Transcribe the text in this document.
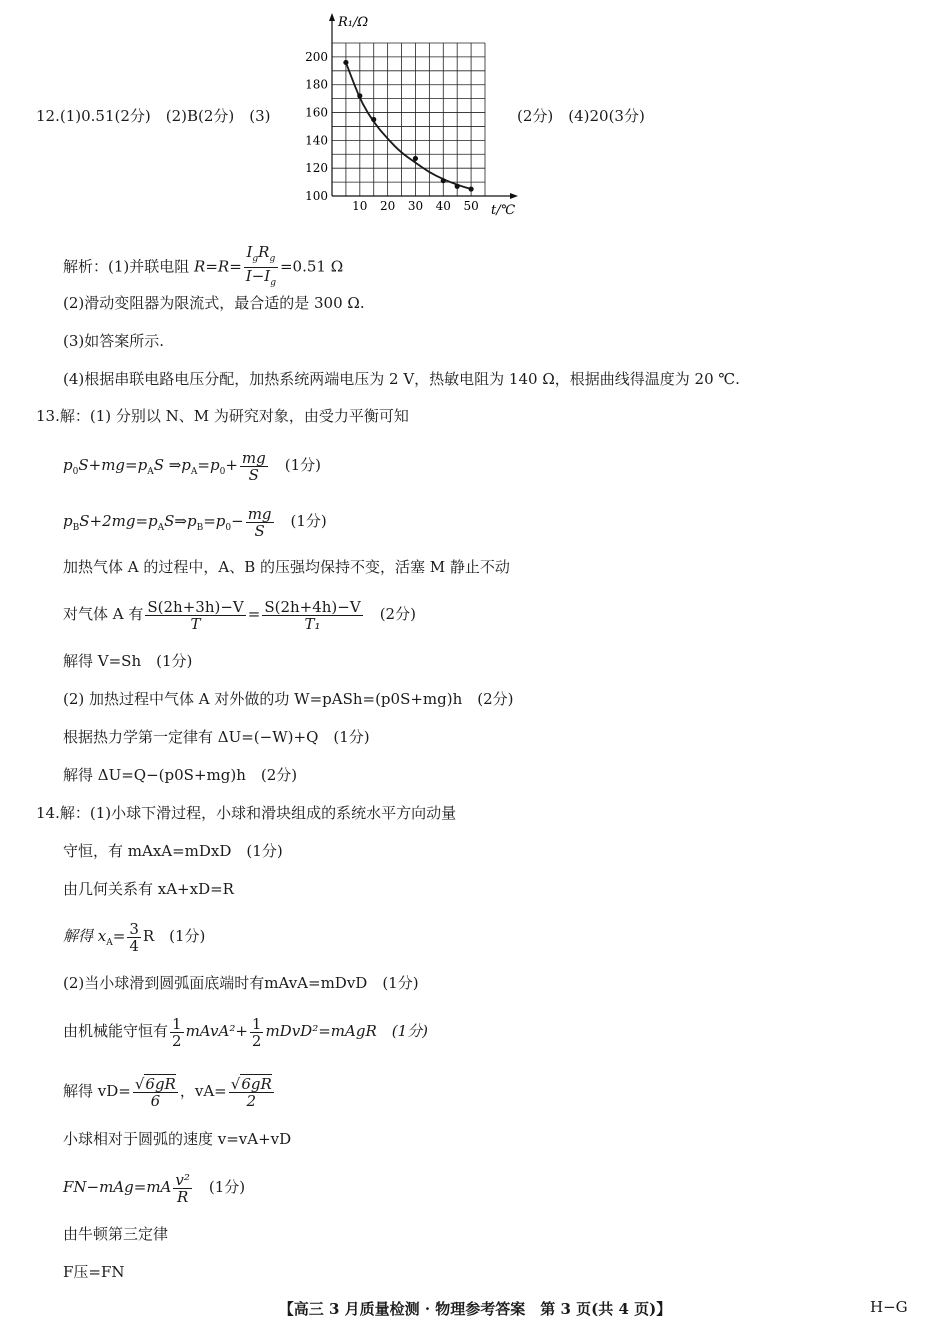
12.(1)0.51(2分)　(2)B(2分)　(3)	(2分)　(4)20(3分)
10 20 30 40 50
200
180
160
140
120
100
R₁/Ω
t/℃
解析：(1)并联电阻 $R=R= \frac{I_gR_g}{I-I_g} =0.51$ Ω
(2)滑动变阻器为限流式，最合适的是 300 Ω.
(3)如答案所示.
(4)根据串联电路电压分配，加热系统两端电压为 2 V，热敏电阻为 140 Ω，根据曲线得温度为 20 ℃.
13.解：(1) 分别以 N、M 为研究对象，由受力平衡可知
$p_0S+mg=p_AS$ $\Rightarrow p_A=p_0+ \frac{mg}{S}$
　 (1分)
$p_BS+2mg=p_AS\Rightarrow p_B=p_0- \frac{mg}{S}$
　 (1分)
加热气体 A 的过程中，A、B 的压强均保持不变，活塞 M 静止不动
对气体 A 有 $\frac{S(2h+3h)-V}{T} = \frac{S(2h+4h)-V}{\text{T₁}}$
　 (2分)
解得 V=Sh　(1分)
(2) 加热过程中气体 A 对外做的功 W=pASh=(p0S+mg)h　(2分)
根据热力学第一定律有 ΔU=(−W)+Q　(1分)
解得 ΔU=Q−(p0S+mg)h　(2分)
14.解：(1)小球下滑过程，小球和滑块组成的系统水平方向动量
守恒，有 mAxA=mDxD　(1分)
由几何关系有 xA+xD=R
解得 $x_A= \frac{3}{4}$ R　(1分)
(2)当小球滑到圆弧面底端时有mAvA=mDvD　(1分)
由机械能守恒有 $\frac{1}{2}$ mAvA²+ $\frac{1}{2}$ mDvD²=mAgR　(1分)
解得 $vD= \frac{√6gR}{6}$ ，$vA= \frac{√6gR}{2}$
小球相对于圆弧的速度 v=vA+vD
$FN-mAg=mA \frac{\text{v²}}{R}$
　 (1分)
由牛顿第三定律
F压=FN
【高三 3 月质量检测 · 物理参考答案　第 3 页(共 4 页)】	H−G
